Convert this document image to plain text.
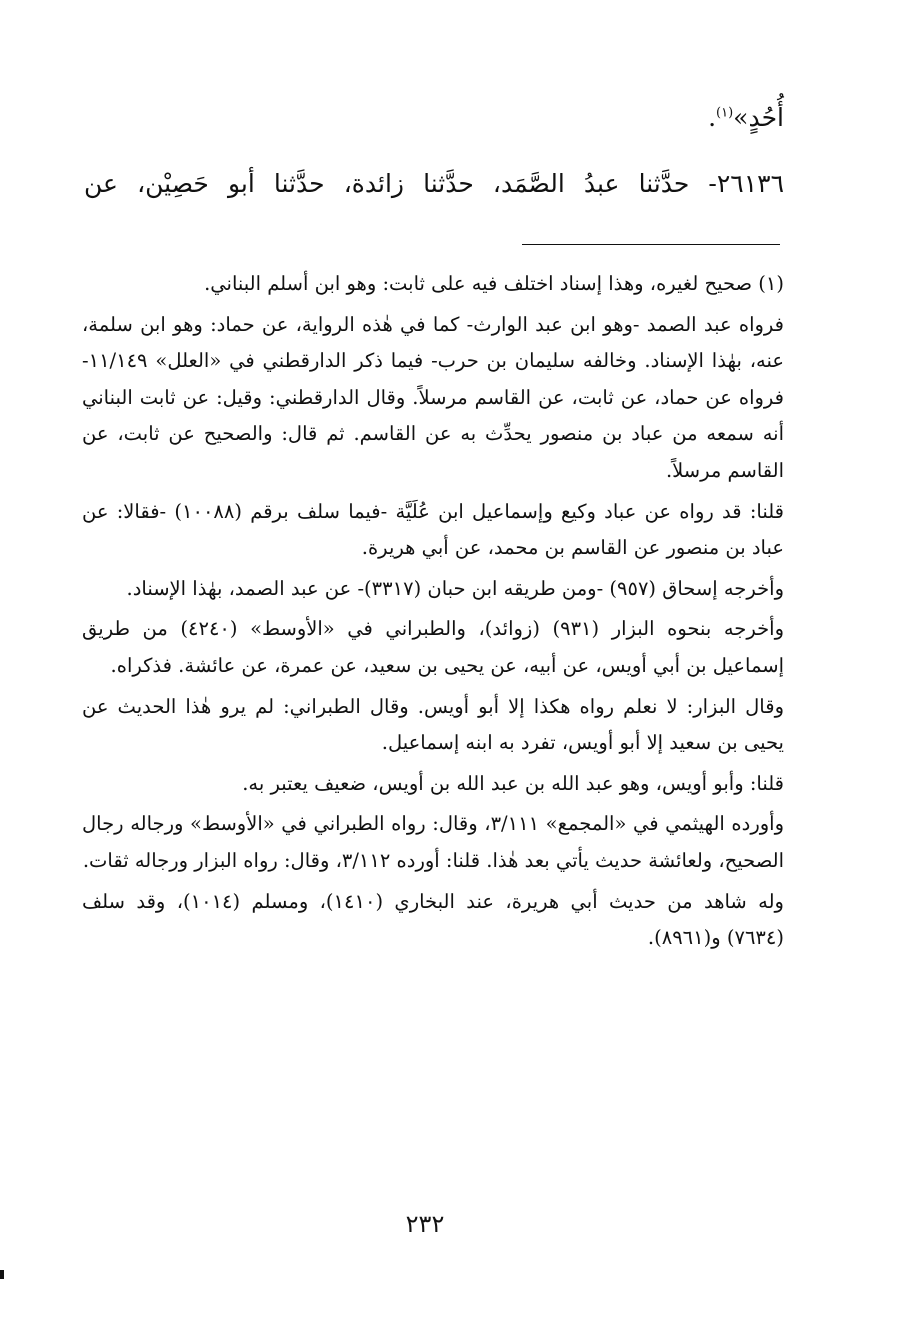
أُحُدٍ»$^{(١)}$.
٢٦١٣٦- حدَّثنا عبدُ الصَّمَد، حدَّثنا زائدة، حدَّثنا أبو حَصِيْن، عن

(١) صحيح لغيره، وهذا إسناد اختلف فيه على ثابت: وهو ابن أسلم البناني.

فرواه عبد الصمد -وهو ابن عبد الوارث- كما في هٰذه الرواية، عن حماد: وهو ابن سلمة، عنه، بهٰذا الإسناد. وخالفه سليمان بن حرب- فيما ذكر الدارقطني في «العلل» ١١/١٤٩- فرواه عن حماد، عن ثابت، عن القاسم مرسلاً. وقال الدارقطني: وقيل: عن ثابت البناني أنه سمعه من عباد بن منصور يحدِّث به عن القاسم. ثم قال: والصحيح عن ثابت، عن القاسم مرسلاً.

قلنا: قد رواه عن عباد وكيع وإسماعيل ابن عُلَيَّة -فيما سلف برقم (١٠٠٨٨) -فقالا: عن عباد بن منصور عن القاسم بن محمد، عن أبي هريرة.

وأخرجه إسحاق (٩٥٧) -ومن طريقه ابن حبان (٣٣١٧)- عن عبد الصمد، بهٰذا الإسناد.

وأخرجه بنحوه البزار (٩٣١) (زوائد)، والطبراني في «الأوسط» (٤٢٤٠) من طريق إسماعيل بن أبي أويس، عن أبيه، عن يحيى بن سعيد، عن عمرة، عن عائشة. فذكراه.

وقال البزار: لا نعلم رواه هكذا إلا أبو أويس. وقال الطبراني: لم يرو هٰذا الحديث عن يحيى بن سعيد إلا أبو أويس، تفرد به ابنه إسماعيل.

قلنا: وأبو أويس، وهو عبد الله بن عبد الله بن أويس، ضعيف يعتبر به.

وأورده الهيثمي في «المجمع» ٣/١١١، وقال: رواه الطبراني في «الأوسط» ورجاله رجال الصحيح، ولعائشة حديث يأتي بعد هٰذا. قلنا: أورده ٣/١١٢، وقال: رواه البزار ورجاله ثقات.

وله شاهد من حديث أبي هريرة، عند البخاري (١٤١٠)، ومسلم (١٠١٤)، وقد سلف (٧٦٣٤) و(٨٩٦١).

٢٣٢
